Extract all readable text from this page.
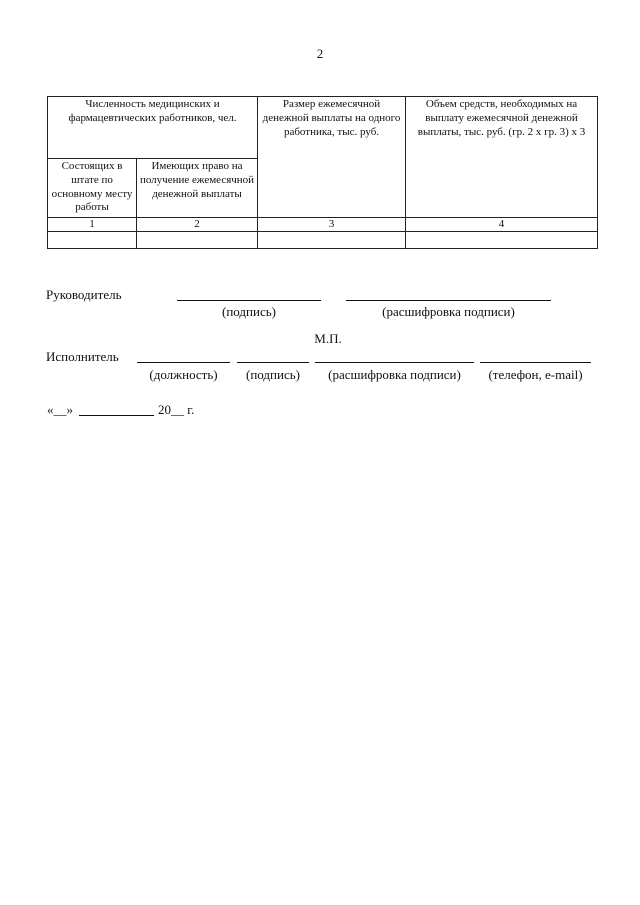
2
Численность медицинских и фармацевтических работников, чел.		Размер ежемесячной денежной выплаты на одного работника, тыс. руб.	Объем средств, необходимых на выплату ежемесячной денежной выплаты, тыс. руб. (гр. 2 х гр. 3) х 3
Состоящих в штате по основному месту работы	Имеющих право на получение ежемесячной денежной выплаты		
1	2	3	4

Руководитель
(подпись)	(расшифровка подписи)
М.П.
Исполнитель
(должность)	(подпись)	(расшифровка подписи)	(телефон, e-mail)
«__»	20__ г.
